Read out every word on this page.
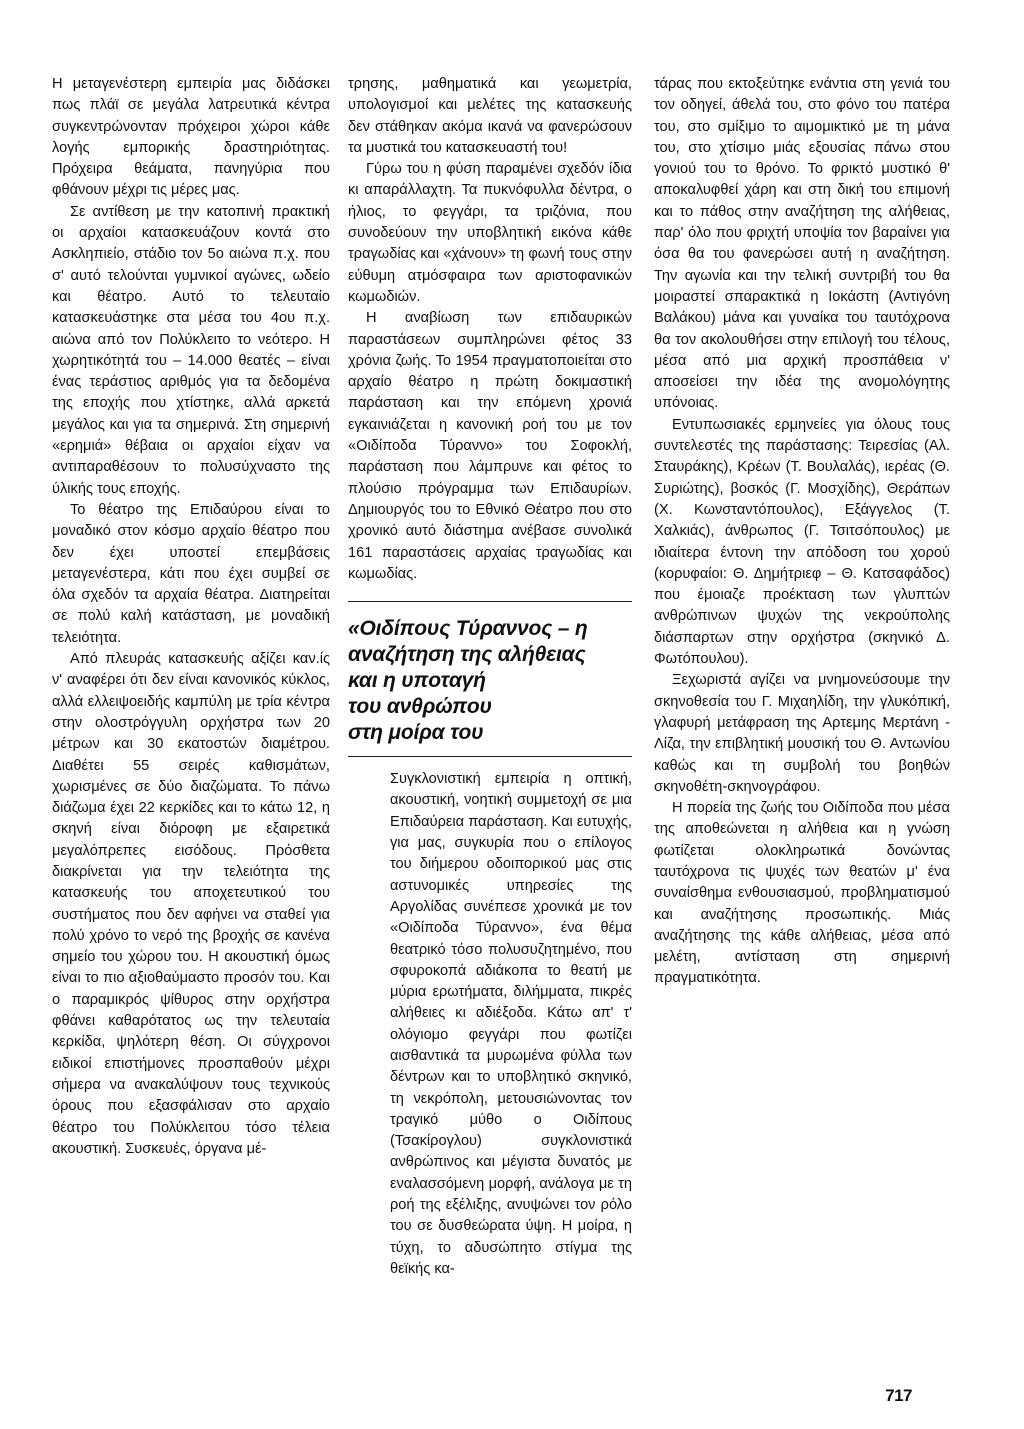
Η μεταγενέστερη εμπειρία μας διδάσκει πως πλάϊ σε μεγάλα λατρευτικά κέντρα συγκεντρώνονταν πρόχειροι χώροι κάθε λογής εμπορικής δραστηριότητας. Πρόχειρα θεάματα, πανηγύρια που φθάνουν μέχρι τις μέρες μας.

Σε αντίθεση με την κατοπινή πρακτική οι αρχαίοι κατασκευάζουν κοντά στο Ασκληπιείο, στάδιο τον 5ο αιώνα π.χ. που σ' αυτό τελούνται γυμνικοί αγώνες, ωδείο και θέατρο. Αυτό το τελευταίο κατασκευάστηκε στα μέσα του 4ου π.χ. αιώνα από τον Πολύκλειτο το νεότερο. Η χωρητικότητά του – 14.000 θεατές – είναι ένας τεράστιος αριθμός για τα δεδομένα της εποχής που χτίστηκε, αλλά αρκετά μεγάλος και για τα σημερινά. Στη σημερινή «ερημιά» θέβαια οι αρχαίοι είχαν να αντιπαραθέσουν το πολυσύχναστο της ύλικής τους εποχής.

Το θέατρο της Επιδαύρου είναι το μοναδικό στον κόσμο αρχαίο θέατρο που δεν έχει υποστεί επεμβάσεις μεταγενέστερα, κάτι που έχει συμβεί σε όλα σχεδόν τα αρχαία θέατρα. Διατηρείται σε πολύ καλή κατάσταση, με μοναδική τελειότητα.

Από πλευράς κατασκευής αξίζει καν.ίς ν' αναφέρει ότι δεν είναι κανονικός κύκλος, αλλά ελλειψοειδής καμπύλη με τρία κέντρα στην ολοστρόγγυλη ορχήστρα των 20 μέτρων και 30 εκατοστών διαμέτρου. Διαθέτει 55 σειρές καθισμάτων, χωρισμένες σε δύο διαζώματα. Το πάνω διάζωμα έχει 22 κερκίδες και το κάτω 12, η σκηνή είναι διόροφη με εξαιρετικά μεγαλόπρεπες εισόδους. Πρόσθετα διακρίνεται για την τελειότητα της κατασκευής του αποχετευτικού του συστήματος που δεν αφήνει να σταθεί για πολύ χρόνο το νερό της βροχής σε κανένα σημείο του χώρου του. Η ακουστική όμως είναι το πιο αξιοθαύμαστο προσόν του. Και ο παραμικρός ψίθυρος στην ορχήστρα φθάνει καθαρότατος ως την τελευταία κερκίδα, ψηλότερη θέση. Οι σύγχρονοι ειδικοί επιστήμονες προσπαθούν μέχρι σήμερα να ανακαλύψουν τους τεχνικούς όρους που εξασφάλισαν στο αρχαίο θέατρο του Πολύκλειτου τόσο τέλεια ακουστική. Συσκευές, όργανα μέ-

τρησης, μαθηματικά και γεωμετρία, υπολογισμοί και μελέτες της κατασκευής δεν στάθηκαν ακόμα ικανά να φανερώσουν τα μυστικά του κατασκευαστή του!

Γύρω του η φύση παραμένει σχεδόν ίδια κι απαράλλαχτη. Τα πυκνόφυλλα δέντρα, ο ήλιος, το φεγγάρι, τα τριζόνια, που συνοδεύουν την υποβλητική εικόνα κάθε τραγωδίας και «χάνουν» τη φωνή τους στην εύθυμη ατμόσφαιρα των αριστοφανικών κωμωδιών.

Η αναβίωση των επιδαυρικών παραστάσεων συμπληρώνει φέτος 33 χρόνια ζωής. Το 1954 πραγματοποιείται στο αρχαίο θέατρο η πρώτη δοκιμαστική παράσταση και την επόμενη χρονιά εγκαινιάζεται η κανονική ροή του με τον «Οιδίποδα Τύραννο» του Σοφοκλή, παράσταση που λάμπρυνε και φέτος το πλούσιο πρόγραμμα των Επιδαυρίων. Δημιουργός του το Εθνικό Θέατρο που στο χρονικό αυτό διάστημα ανέβασε συνολικά 161 παραστάσεις αρχαίας τραγωδίας και κωμωδίας.

«Οιδίπους Τύραννος – η
αναζήτηση της αλήθειας
και η υποταγή
του ανθρώπου
στη μοίρα του

Συγκλονιστική εμπειρία η οπτική, ακουστική, νοητική συμμετοχή σε μια Επιδαύρεια παράσταση. Και ευτυχής, για μας, συγκυρία που ο επίλογος του διήμερου οδοιπορικού μας στις αστυνομικές υπηρεσίες της Αργολίδας συνέπεσε χρονικά με τον «Οιδίποδα Τύραννο», ένα θέμα θεατρικό τόσο πολυσυζητημένο, που σφυροκοπά αδιάκοπα το θεατή με μύρια ερωτήματα, διλήμματα, πικρές αλήθειες κι αδιέξοδα. Κάτω απ' τ' ολόγιομο φεγγάρι που φωτίζει αισθαντικά τα μυρωμένα φύλλα των δέντρων και το υποβλητικό σκηνικό, τη νεκρόπολη, μετουσιώνοντας τον τραγικό μύθο ο Οιδίπους (Τσακίρογλου) συγκλονιστικά ανθρώπινος και μέγιστα δυνατός με εναλασσόμενη μορφή, ανάλογα με τη ροή της εξέλιξης, ανυψώνει τον ρόλο του σε δυσθεώρατα ύψη. Η μοίρα, η τύχη, το αδυσώπητο στίγμα της θεϊκής κα-

τάρας που εκτοξεύτηκε ενάντια στη γενιά του τον οδηγεί, άθελά του, στο φόνο του πατέρα του, στο σμίξιμο το αιμομικτικό με τη μάνα του, στο χτίσιμο μιάς εξουσίας πάνω στου γονιού του το θρόνο. Το φρικτό μυστικό θ' αποκαλυφθεί χάρη και στη δική του επιμονή και το πάθος στην αναζήτηση της αλήθειας, παρ' όλο που φριχτή υποψία τον βαραίνει για όσα θα του φανερώσει αυτή η αναζήτηση. Την αγωνία και την τελική συντριβή του θα μοιραστεί σπαρακτικά η Ιοκάστη (Αντιγόνη Βαλάκου) μάνα και γυναίκα του ταυτόχρονα θα τον ακολουθήσει στην επιλογή του τέλους, μέσα από μια αρχική προσπάθεια ν' αποσείσει την ιδέα της ανομολόγητης υπόνοιας.

Εντυπωσιακές ερμηνείες για όλους τους συντελεστές της παράστασης: Τειρεσίας (Αλ. Σταυράκης), Κρέων (Τ. Βουλαλάς), ιερέας (Θ. Συριώτης), βοσκός (Γ. Μοσχίδης), Θεράπων (Χ. Κωνσταντόπουλος), Εξάγγελος (Τ. Χαλκιάς), άνθρωπος (Γ. Τσιτσόπουλος) με ιδιαίτερα έντονη την απόδοση του χορού (κορυφαίοι: Θ. Δημήτριεφ – Θ. Κατσαφάδος) που έμοιαζε προέκταση των γλυπτών ανθρώπινων ψυχών της νεκρούπολης διάσπαρτων στην ορχήστρα (σκηνικό Δ. Φωτόπουλου).

Ξεχωριστά αγίζει να μνημονεύσουμε την σκηνοθεσία του Γ. Μιχαηλίδη, την γλυκόπική, γλαφυρή μετάφραση της Αρτεμης Μερτάνη - Λίζα, την επιβλητική μουσική του Θ. Αντωνίου καθώς και τη συμβολή του βοηθών σκηνοθέτη-σκηνογράφου.

Η πορεία της ζωής του Οιδίποδα που μέσα της αποθεώνεται η αλήθεια και η γνώση φωτίζεται ολοκληρωτικά δονώντας ταυτόχρονα τις ψυχές των θεατών μ' ένα συναίσθημα ενθουσιασμού, προβληματισμού και αναζήτησης προσωπικής. Μιάς αναζήτησης της κάθε αλήθειας, μέσα από μελέτη, αντίσταση στη σημερινή πραγματικότητα.

717
